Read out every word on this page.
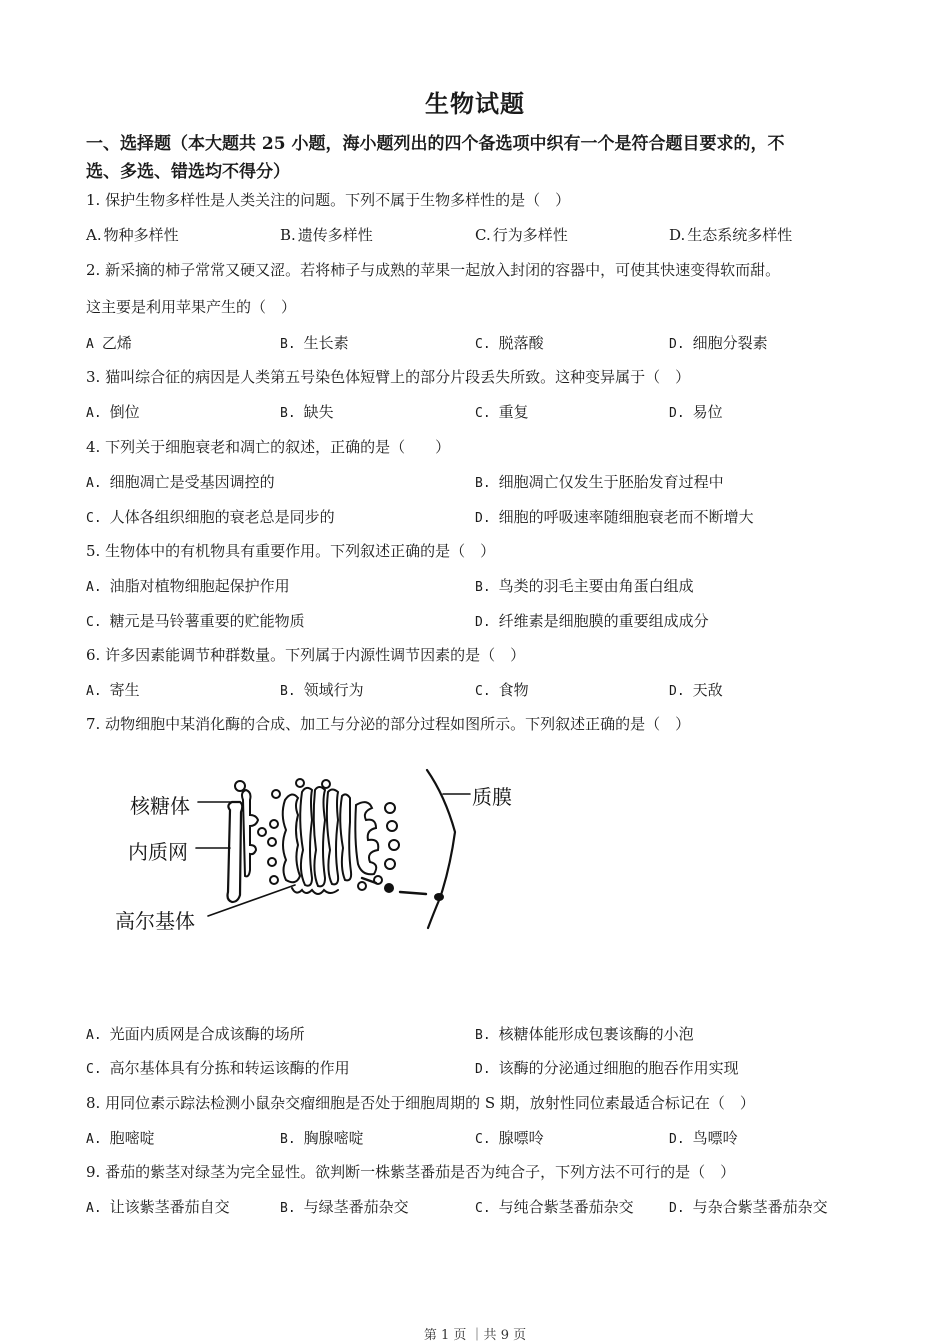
生物试题
一、选择题（本大题共 25 小题，海小题列出的四个备选项中织有一个是符合题目要求的，不
选、多选、错选均不得分）
1. 保护生物多样性是人类关注的问题。下列不属于生物多样性的是（　）
A. 物种多样性	B. 遗传多样性	C. 行为多样性	D. 生态系统多样性
2. 新采摘的柿子常常又硬又涩。若将柿子与成熟的苹果一起放入封闭的容器中，可使其快速变得软而甜。
这主要是利用苹果产生的（　）
A 乙烯	B. 生长素	C. 脱落酸	D. 细胞分裂素
3. 猫叫综合征的病因是人类第五号染色体短臂上的部分片段丢失所致。这种变异属于（　）
A. 倒位	B. 缺失	C. 重复	D. 易位
4. 下列关于细胞衰老和凋亡的叙述，正确的是（　　）
A. 细胞凋亡是受基因调控的	B. 细胞凋亡仅发生于胚胎发育过程中
C. 人体各组织细胞的衰老总是同步的	D. 细胞的呼吸速率随细胞衰老而不断增大
5. 生物体中的有机物具有重要作用。下列叙述正确的是（　）
A. 油脂对植物细胞起保护作用	B. 鸟类的羽毛主要由角蛋白组成
C. 糖元是马铃薯重要的贮能物质	D. 纤维素是细胞膜的重要组成成分
6. 许多因素能调节种群数量。下列属于内源性调节因素的是（　）
A. 寄生	B. 领域行为	C. 食物	D. 天敌
7. 动物细胞中某消化酶的合成、加工与分泌的部分过程如图所示。下列叙述正确的是（　）
核糖体
内质网
高尔基体
质膜
A. 光面内质网是合成该酶的场所	B. 核糖体能形成包裹该酶的小泡
C. 高尔基体具有分拣和转运该酶的作用	D. 该酶的分泌通过细胞的胞吞作用实现
8. 用同位素示踪法检测小鼠杂交瘤细胞是否处于细胞周期的 S 期，放射性同位素最适合标记在（　）
A. 胞嘧啶	B. 胸腺嘧啶	C. 腺嘌呤	D. 鸟嘌呤
9. 番茄的紫茎对绿茎为完全显性。欲判断一株紫茎番茄是否为纯合子，下列方法不可行的是（　）
A. 让该紫茎番茄自交	B. 与绿茎番茄杂交	C. 与纯合紫茎番茄杂交	D. 与杂合紫茎番茄杂交
第 1 页 ｜共 9 页
